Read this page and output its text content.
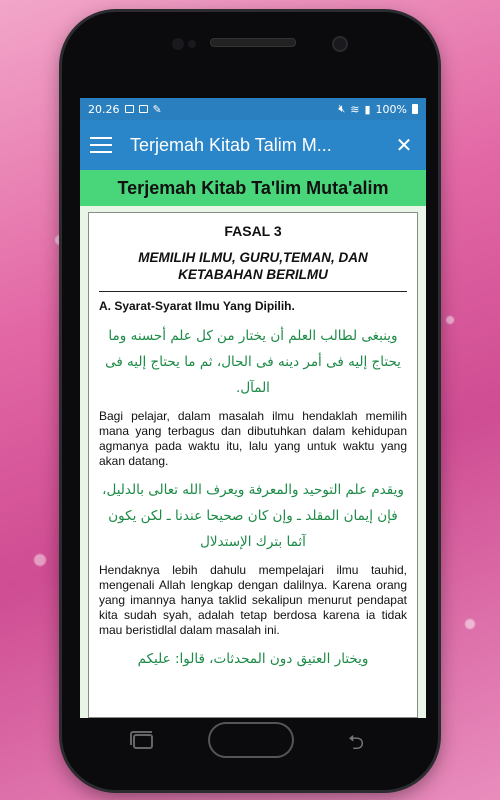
20.26	✎	🔇︎ ≋ ▮ 100%
Terjemah Kitab Talim M...	✕
Terjemah Kitab Ta'lim Muta'alim
FASAL 3
MEMILIH ILMU, GURU,TEMAN, DAN KETABAHAN BERILMU
A. Syarat-Syarat Ilmu Yang Dipilih.
وينبغى لطالب العلم أن يختار من كل علم أحسنه وما يحتاج إليه فى أمر دينه فى الحال، ثم ما يحتاج إليه فى المآل.
Bagi pelajar, dalam masalah ilmu hendaklah memilih mana yang terbagus dan dibutuhkan dalam kehidupan agmanya pada waktu itu, lalu yang untuk waktu yang akan datang.
ويقدم علم التوحيد والمعرفة ويعرف الله تعالى بالدليل، فإن إيمان المقلد ـ وإن كان صحيحا عندنا ـ لكن يكون آثما بترك الإستدلال
Hendaknya lebih dahulu mempelajari ilmu tauhid, mengenali Allah lengkap dengan dalilnya. Karena orang yang imannya hanya taklid sekalipun menurut pendapat kita sudah syah, adalah tetap berdosa karena ia tidak mau beristidlal dalam masalah ini.
ويختار العتيق دون المحدثات، قالوا: عليكم
⮌
